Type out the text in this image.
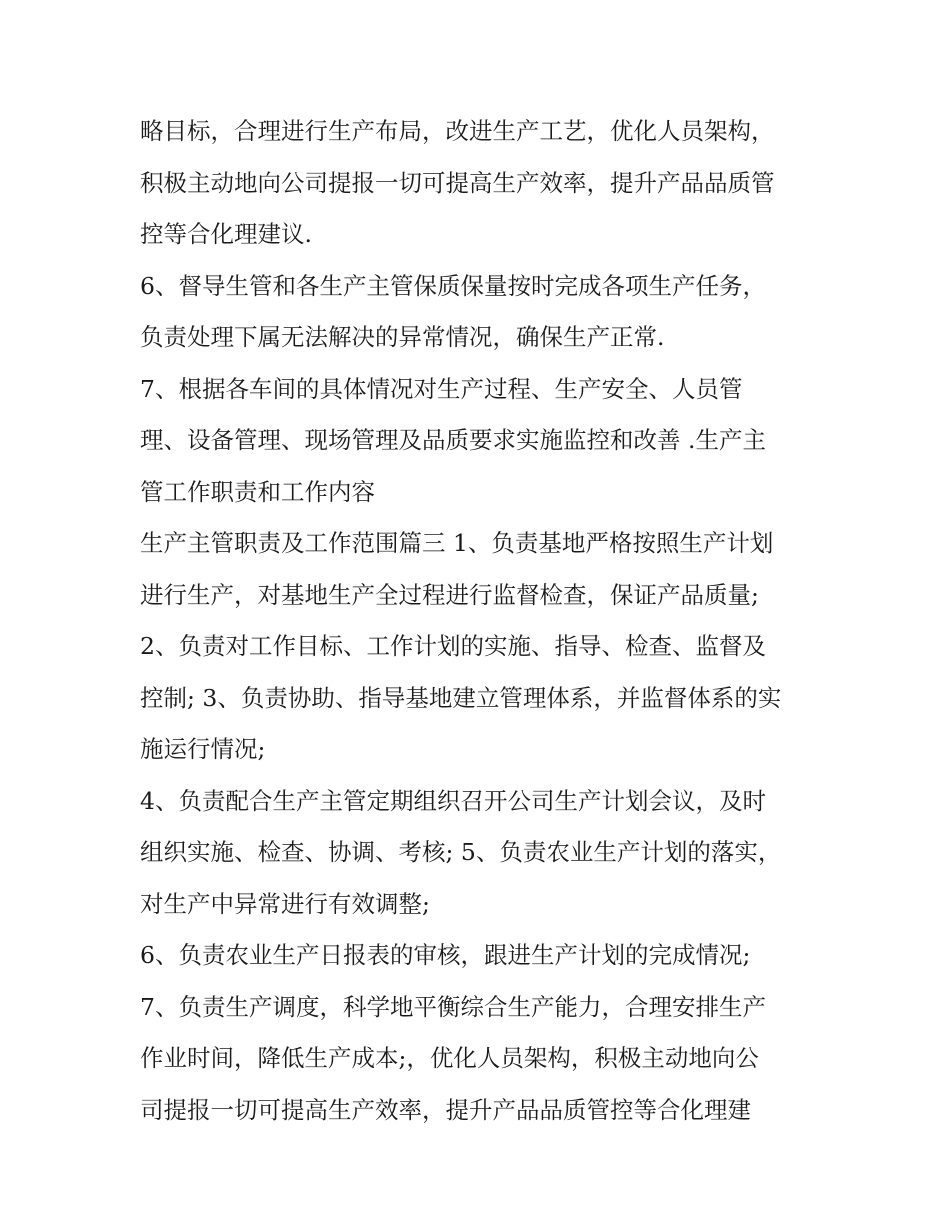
略目标，合理进行生产布局，改进生产工艺，优化人员架构，
积极主动地向公司提报一切可提高生产效率，提升产品品质管
控等合化理建议.
6、督导生管和各生产主管保质保量按时完成各项生产任务，
负责处理下属无法解决的异常情况，确保生产正常.
7、根据各车间的具体情况对生产过程、生产安全、人员管
理、设备管理、现场管理及品质要求实施监控和改善 .生产主
管工作职责和工作内容
生产主管职责及工作范围篇三 1、负责基地严格按照生产计划
进行生产，对基地生产全过程进行监督检查，保证产品质量;
2、负责对工作目标、工作计划的实施、指导、检查、监督及
控制; 3、负责协助、指导基地建立管理体系，并监督体系的实
施运行情况;
4、负责配合生产主管定期组织召开公司生产计划会议，及时
组织实施、检查、协调、考核; 5、负责农业生产计划的落实，
对生产中异常进行有效调整;
6、负责农业生产日报表的审核，跟进生产计划的完成情况;
7、负责生产调度，科学地平衡综合生产能力，合理安排生产
作业时间，降低生产成本;，优化人员架构，积极主动地向公
司提报一切可提高生产效率，提升产品品质管控等合化理建
